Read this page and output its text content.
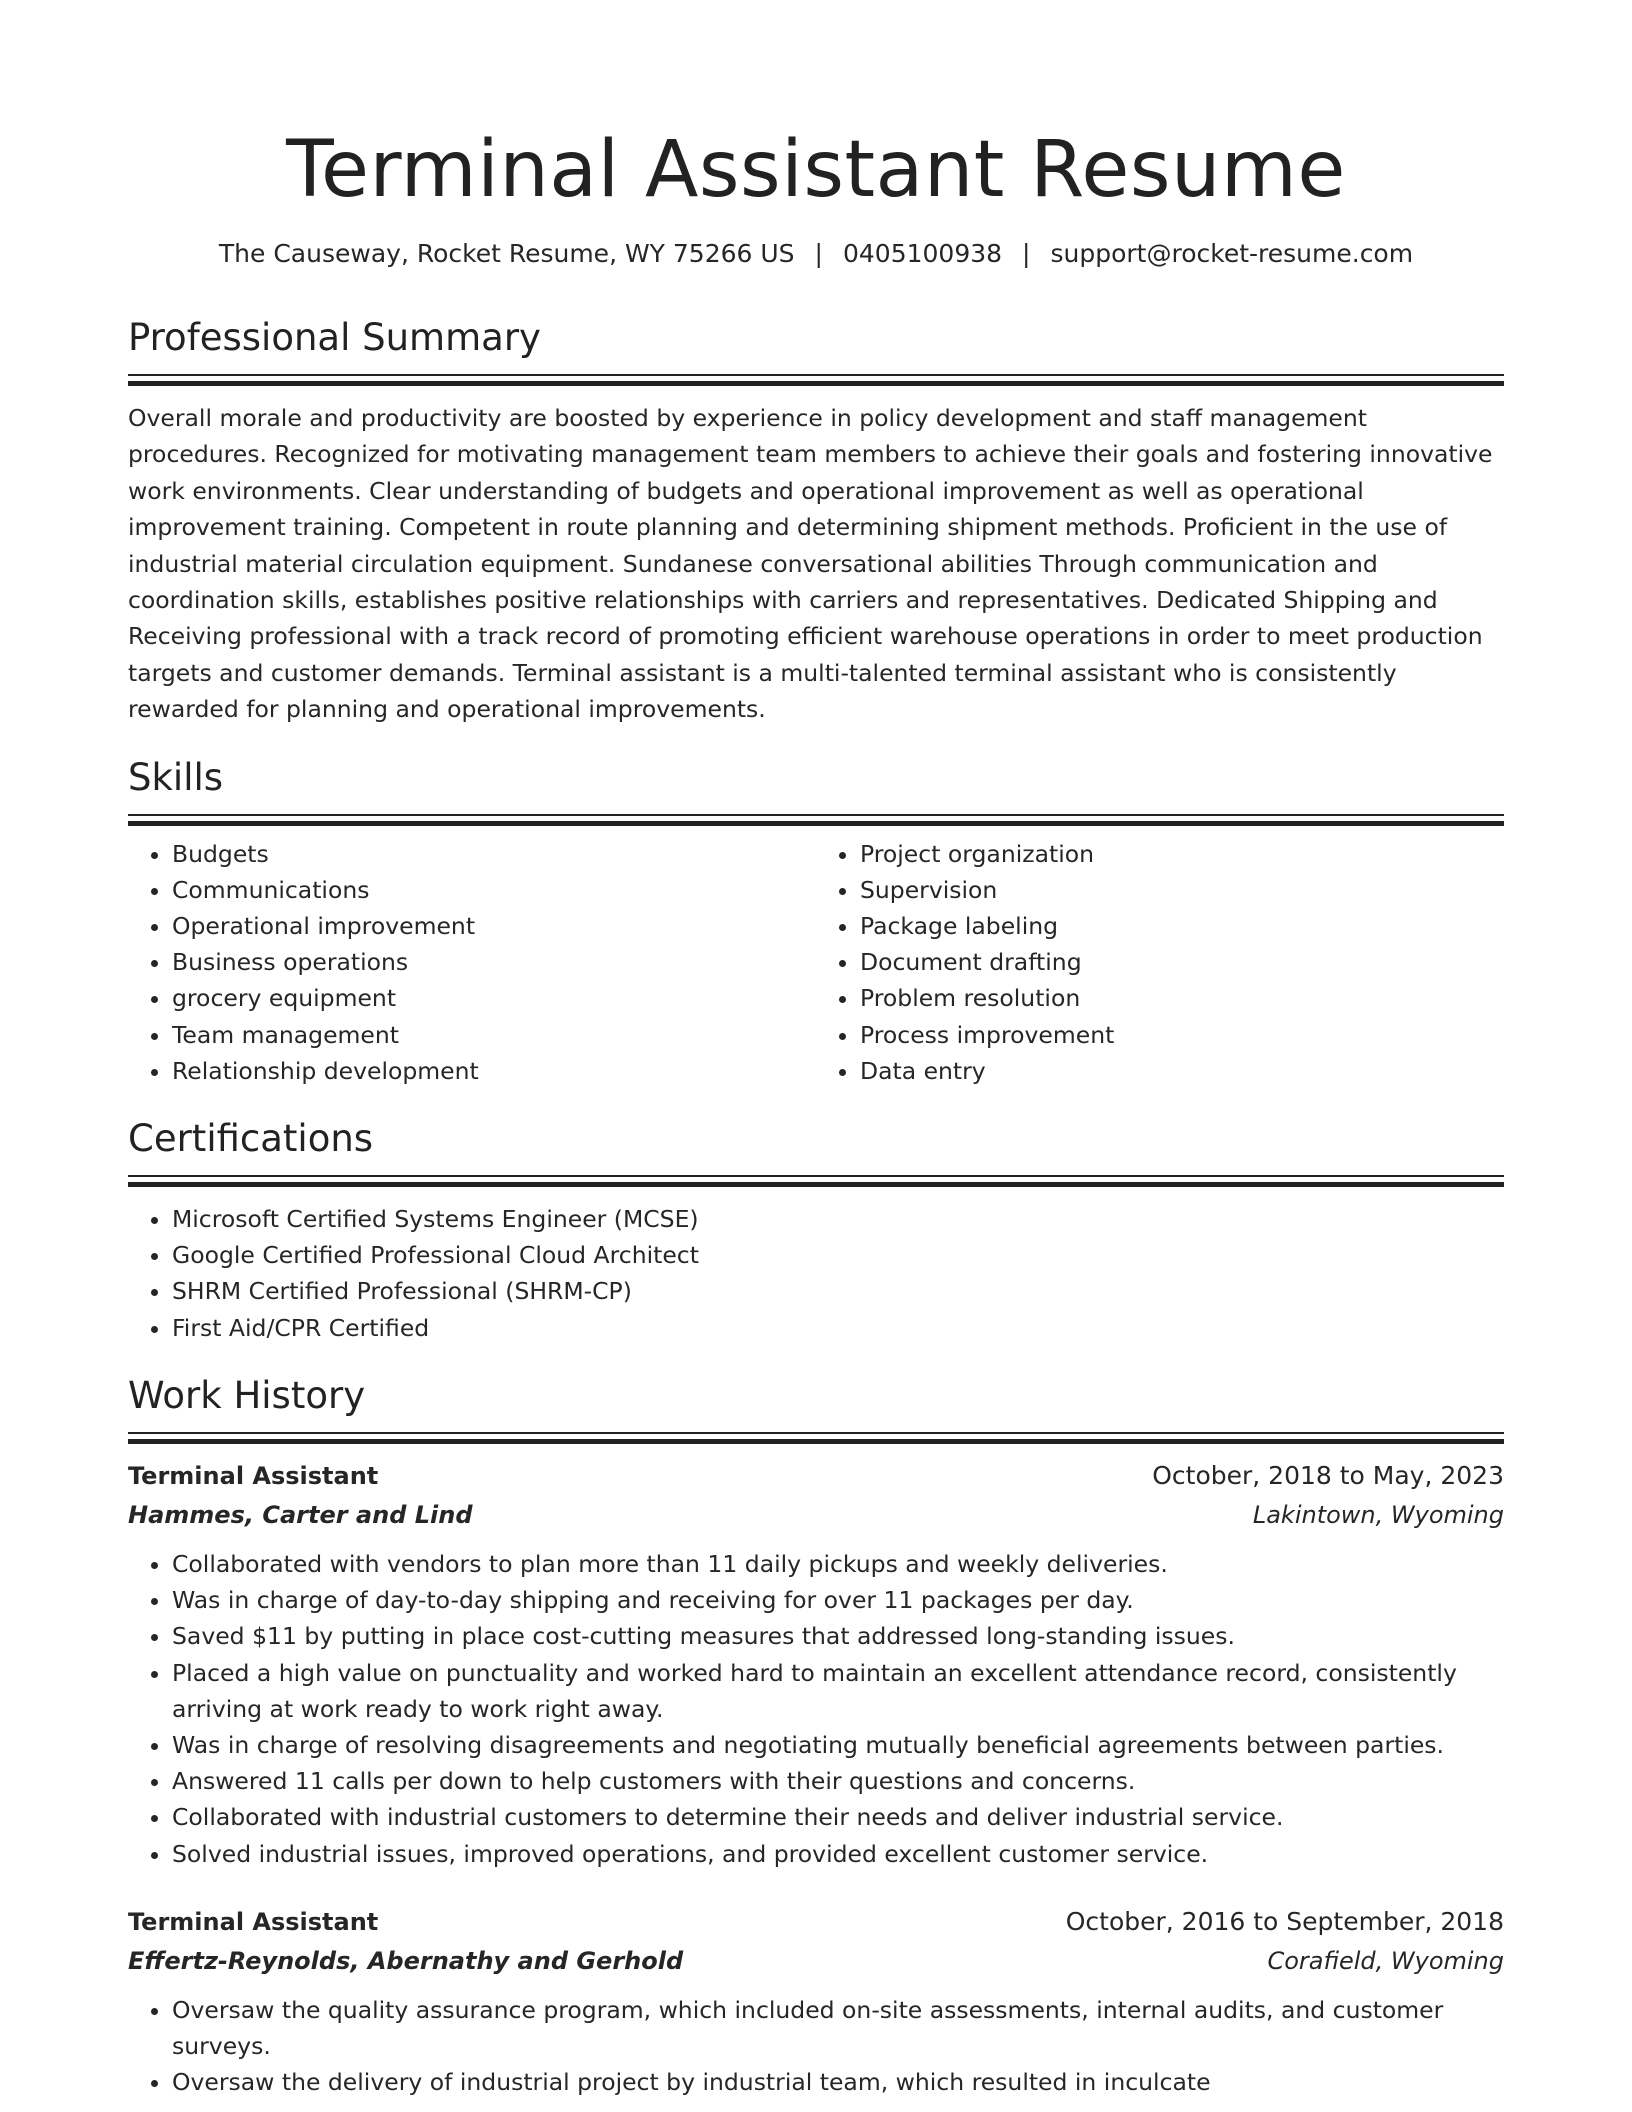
Terminal Assistant Resume
The Causeway, Rocket Resume, WY 75266 US | 0405100938 | support@rocket-resume.com
Professional Summary

Overall morale and productivity are boosted by experience in policy development and staff management procedures. Recognized for motivating management team members to achieve their goals and fostering innovative work environments. Clear understanding of budgets and operational improvement as well as operational improvement training. Competent in route planning and determining shipment methods. Proficient in the use of industrial material circulation equipment. Sundanese conversational abilities Through communication and coordination skills, establishes positive relationships with carriers and representatives. Dedicated Shipping and Receiving professional with a track record of promoting efficient warehouse operations in order to meet production targets and customer demands. Terminal assistant is a multi-talented terminal assistant who is consistently rewarded for planning and operational improvements.

Skills
• Budgets
• Communications
• Operational improvement
• Business operations
• grocery equipment
• Team management
• Relationship development
• Project organization
• Supervision
• Package labeling
• Document drafting
• Problem resolution
• Process improvement
• Data entry
Certifications
• Microsoft Certified Systems Engineer (MCSE)
• Google Certified Professional Cloud Architect
• SHRM Certified Professional (SHRM-CP)
• First Aid/CPR Certified
Work History
Terminal Assistant	October, 2018 to May, 2023
Hammes, Carter and Lind	Lakintown, Wyoming
• Collaborated with vendors to plan more than 11 daily pickups and weekly deliveries.
• Was in charge of day-to-day shipping and receiving for over 11 packages per day.
• Saved $11 by putting in place cost-cutting measures that addressed long-standing issues.
• Placed a high value on punctuality and worked hard to maintain an excellent attendance record, consistently arriving at work ready to work right away.
• Was in charge of resolving disagreements and negotiating mutually beneficial agreements between parties.
• Answered 11 calls per down to help customers with their questions and concerns.
• Collaborated with industrial customers to determine their needs and deliver industrial service.
• Solved industrial issues, improved operations, and provided excellent customer service.
Terminal Assistant	October, 2016 to September, 2018
Effertz-Reynolds, Abernathy and Gerhold	Corafield, Wyoming
• Oversaw the quality assurance program, which included on-site assessments, internal audits, and customer surveys.
• Oversaw the delivery of industrial project by industrial team, which resulted in inculcate
